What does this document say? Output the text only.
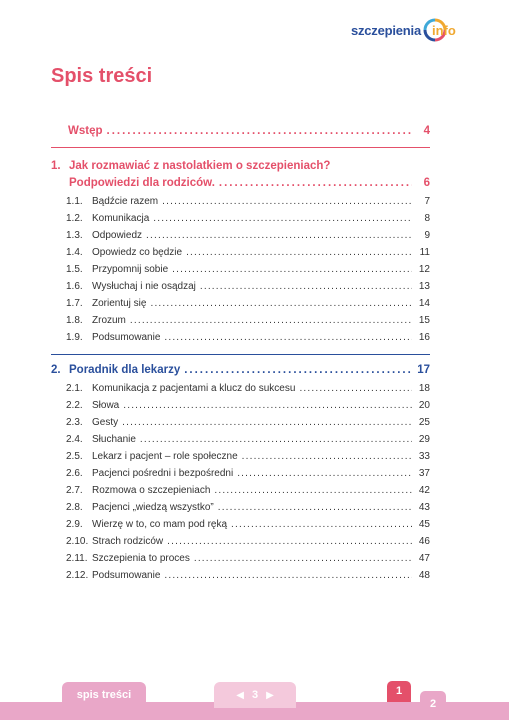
szczepienia info
Spis treści
Wstęp .....	4
1. Jak rozmawiać z nastolatkiem o szczepieniach?
Podpowiedzi dla rodziców. .....	6
1.1. Bądźcie razem .....	7
1.2. Komunikacja .....	8
1.3. Odpowiedz .....	9
1.4. Opowiedz co będzie .....	11
1.5. Przypomnij sobie .....	12
1.6. Wysłuchaj i nie osądzaj .....	13
1.7. Zorientuj się .....	14
1.8. Zrozum .....	15
1.9. Podsumowanie .....	16
2. Poradnik dla lekarzy .....	17
2.1. Komunikacja z pacjentami a klucz do sukcesu .....	18
2.2. Słowa .....	20
2.3. Gesty .....	25
2.4. Słuchanie .....	29
2.5. Lekarz i pacjent – role społeczne .....	33
2.6. Pacjenci pośredni i bezpośredni .....	37
2.7. Rozmowa o szczepieniach .....	42
2.8. Pacjenci „wiedzą wszystko” .....	43
2.9. Wierzę w to, co mam pod ręką .....	45
2.10. Strach rodziców .....	46
2.11. Szczepienia to proces .....	47
2.12. Podsumowanie .....	48
spis treści	◀ 3 ▶	1
2
